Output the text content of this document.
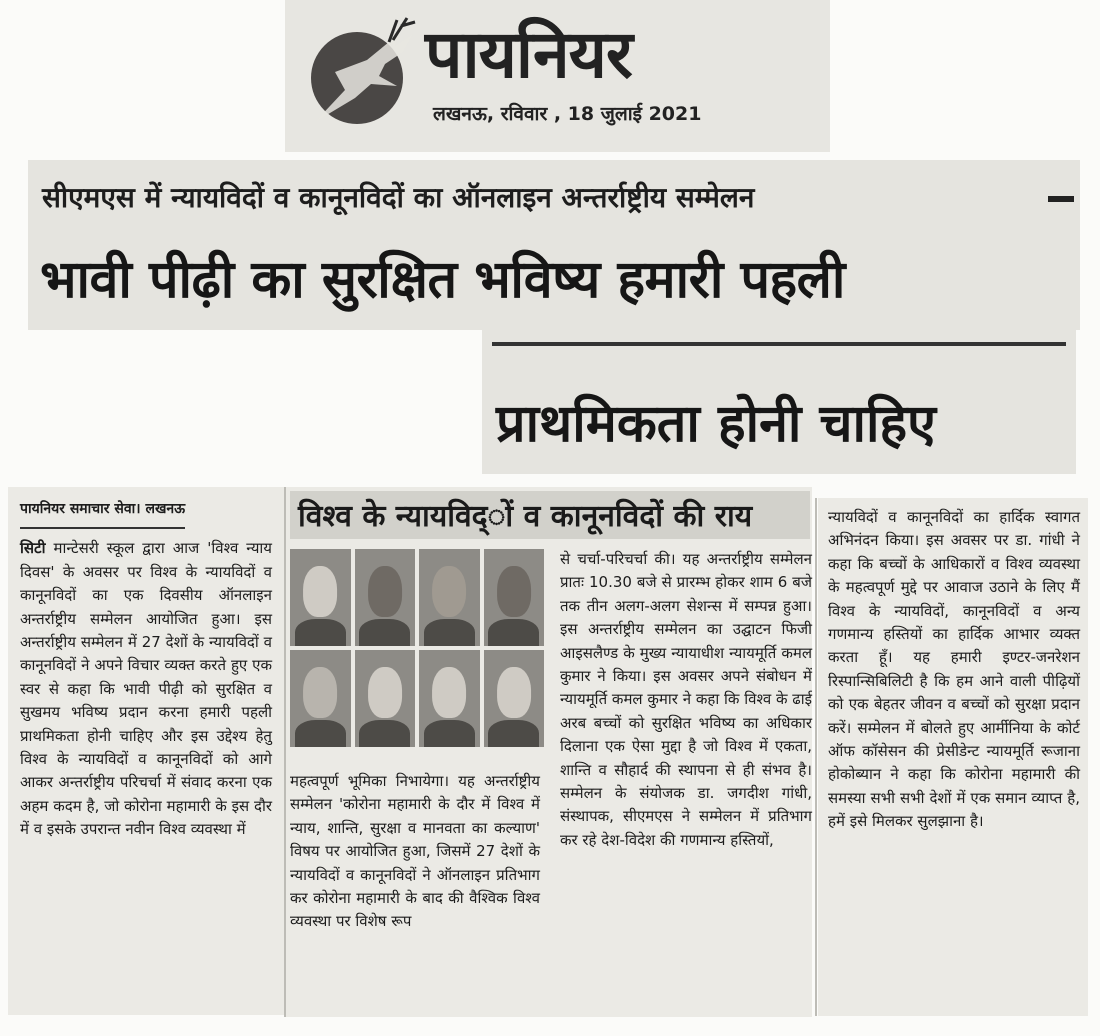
पायनियर
लखनऊ, रविवार , 18 जुलाई 2021
सीएमएस में न्यायविदों व कानूनविदों का ऑनलाइन अन्तर्राष्ट्रीय सम्मेलन
भावी पीढ़ी का सुरक्षित भविष्य हमारी पहली
प्राथमिकता होनी चाहिए
पायनियर समाचार सेवा। लखनऊ

सिटी मान्टेसरी स्कूल द्वारा आज 'विश्व न्याय दिवस' के अवसर पर विश्व के न्यायविदों व कानूनविदों का एक दिवसीय ऑनलाइन अन्तर्राष्ट्रीय सम्मेलन आयोजित हुआ। इस अन्तर्राष्ट्रीय सम्मेलन में 27 देशों के न्यायविदों व कानूनविदों ने अपने विचार व्यक्त करते हुए एक स्वर से कहा कि भावी पीढ़ी को सुरक्षित व सुखमय भविष्य प्रदान करना हमारी पहली प्राथमिकता होनी चाहिए और इस उद्देश्य हेतु विश्व के न्यायविदों व कानूनविदों को आगे आकर अन्तर्राष्ट्रीय परिचर्चा में संवाद करना एक अहम कदम है, जो कोरोना महामारी के इस दौर में व इसके उपरान्त नवीन विश्व व्यवस्था में

विश्व के न्यायविद्ों व कानूनविदों की राय
महत्वपूर्ण भूमिका निभायेगा। यह अन्तर्राष्ट्रीय सम्मेलन 'कोरोना महामारी के दौर में विश्व में न्याय, शान्ति, सुरक्षा व मानवता का कल्याण' विषय पर आयोजित हुआ, जिसमें 27 देशों के न्यायविदों व कानूनविदों ने ऑनलाइन प्रतिभाग कर कोरोना महामारी के बाद की वैश्विक विश्व व्यवस्था पर विशेष रूप
से चर्चा-परिचर्चा की। यह अन्तर्राष्ट्रीय सम्मेलन प्रातः 10.30 बजे से प्रारम्भ होकर शाम 6 बजे तक तीन अलग-अलग सेशन्स में सम्पन्न हुआ। इस अन्तर्राष्ट्रीय सम्मेलन का उद्घाटन फिजी आइसलैण्ड के मुख्य न्यायाधीश न्यायमूर्ति कमल कुमार ने किया। इस अवसर अपने संबोधन में न्यायमूर्ति कमल कुमार ने कहा कि विश्व के ढाई अरब बच्चों को सुरक्षित भविष्य का अधिकार दिलाना एक ऐसा मुद्दा है जो विश्व में एकता, शान्ति व सौहार्द की स्थापना से ही संभव है। सम्मेलन के संयोजक डा. जगदीश गांधी, संस्थापक, सीएमएस ने सम्मेलन में प्रतिभाग कर रहे देश-विदेश की गणमान्य हस्तियों,
न्यायविदों व कानूनविदों का हार्दिक स्वागत अभिनंदन किया। इस अवसर पर डा. गांधी ने कहा कि बच्चों के आधिकारों व विश्व व्यवस्था के महत्वपूर्ण मुद्दे पर आवाज उठाने के लिए मैं विश्व के न्यायविदों, कानूनविदों व अन्य गणमान्य हस्तियों का हार्दिक आभार व्यक्त करता हूँ। यह हमारी इण्टर-जनरेशन रिस्पान्सिबिलिटी है कि हम आने वाली पीढ़ियों को एक बेहतर जीवन व बच्चों को सुरक्षा प्रदान करें। सम्मेलन में बोलते हुए आर्मीनिया के कोर्ट ऑफ कॉसेसन की प्रेसीडेन्ट न्यायमूर्ति रूजाना होकोब्यान ने कहा कि कोरोना महामारी की समस्या सभी सभी देशों में एक समान व्याप्त है, हमें इसे मिलकर सुलझाना है।
